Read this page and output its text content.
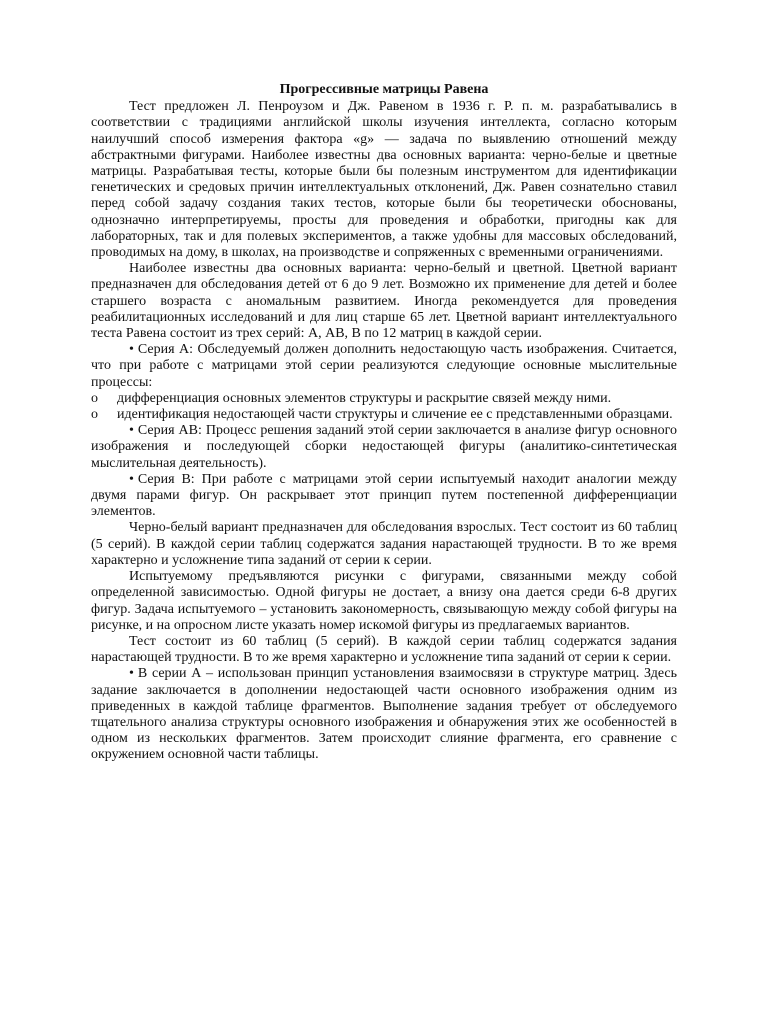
Прогрессивные матрицы Равена

Тест предложен Л. Пенроузом и Дж. Равеном в 1936 г. Р. п. м. разрабатывались в соответствии с традициями английской школы изучения интеллекта, согласно которым наилучший способ измерения фактора «g» — задача по выявлению отношений между абстрактными фигурами. Наиболее известны два основных варианта: черно-белые и цветные матрицы. Разрабатывая тесты, которые были бы полезным инструментом для идентификации генетических и средовых причин интеллектуальных отклонений, Дж. Равен сознательно ставил перед собой задачу создания таких тестов, которые были бы теоретически обоснованы, однозначно интерпретируемы, просты для проведения и обработки, пригодны как для лабораторных, так и для полевых экспериментов, а также удобны для массовых обследований, проводимых на дому, в школах, на производстве и сопряженных с временными ограничениями.

Наиболее известны два основных варианта: черно-белый и цветной. Цветной вариант предназначен для обследования детей от 6 до 9 лет. Возможно их применение для детей и более старшего возраста с аномальным развитием. Иногда рекомендуется для проведения реабилитационных исследований и для лиц старше 65 лет. Цветной вариант интеллектуального теста Равена состоит из трех серий: А, АВ, В по 12 матриц в каждой серии.

• Серия А: Обследуемый должен дополнить недостающую часть изображения. Считается, что при работе с матрицами этой серии реализуются следующие основные мыслительные процессы:

o дифференциация основных элементов структуры и раскрытие связей между ними.

o идентификация недостающей части структуры и сличение ее с представленными образцами.

• Серия АВ: Процесс решения заданий этой серии заключается в анализе фигур основного изображения и последующей сборки недостающей фигуры (аналитико-синтетическая мыслительная деятельность).

• Серия В: При работе с матрицами этой серии испытуемый находит аналогии между двумя парами фигур. Он раскрывает этот принцип путем постепенной дифференциации элементов.

Черно-белый вариант предназначен для обследования взрослых. Тест состоит из 60 таблиц (5 серий). В каждой серии таблиц содержатся задания нарастающей трудности. В то же время характерно и усложнение типа заданий от серии к серии.

Испытуемому предъявляются рисунки с фигурами, связанными между собой определенной зависимостью. Одной фигуры не достает, а внизу она дается среди 6-8 других фигур. Задача испытуемого – установить закономерность, связывающую между собой фигуры на рисунке, и на опросном листе указать номер искомой фигуры из предлагаемых вариантов.

Тест состоит из 60 таблиц (5 серий). В каждой серии таблиц содержатся задания нарастающей трудности. В то же время характерно и усложнение типа заданий от серии к серии.

• В серии А – использован принцип установления взаимосвязи в структуре матриц. Здесь задание заключается в дополнении недостающей части основного изображения одним из приведенных в каждой таблице фрагментов. Выполнение задания требует от обследуемого тщательного анализа структуры основного изображения и обнаружения этих же особенностей в одном из нескольких фрагментов. Затем происходит слияние фрагмента, его сравнение с окружением основной части таблицы.
